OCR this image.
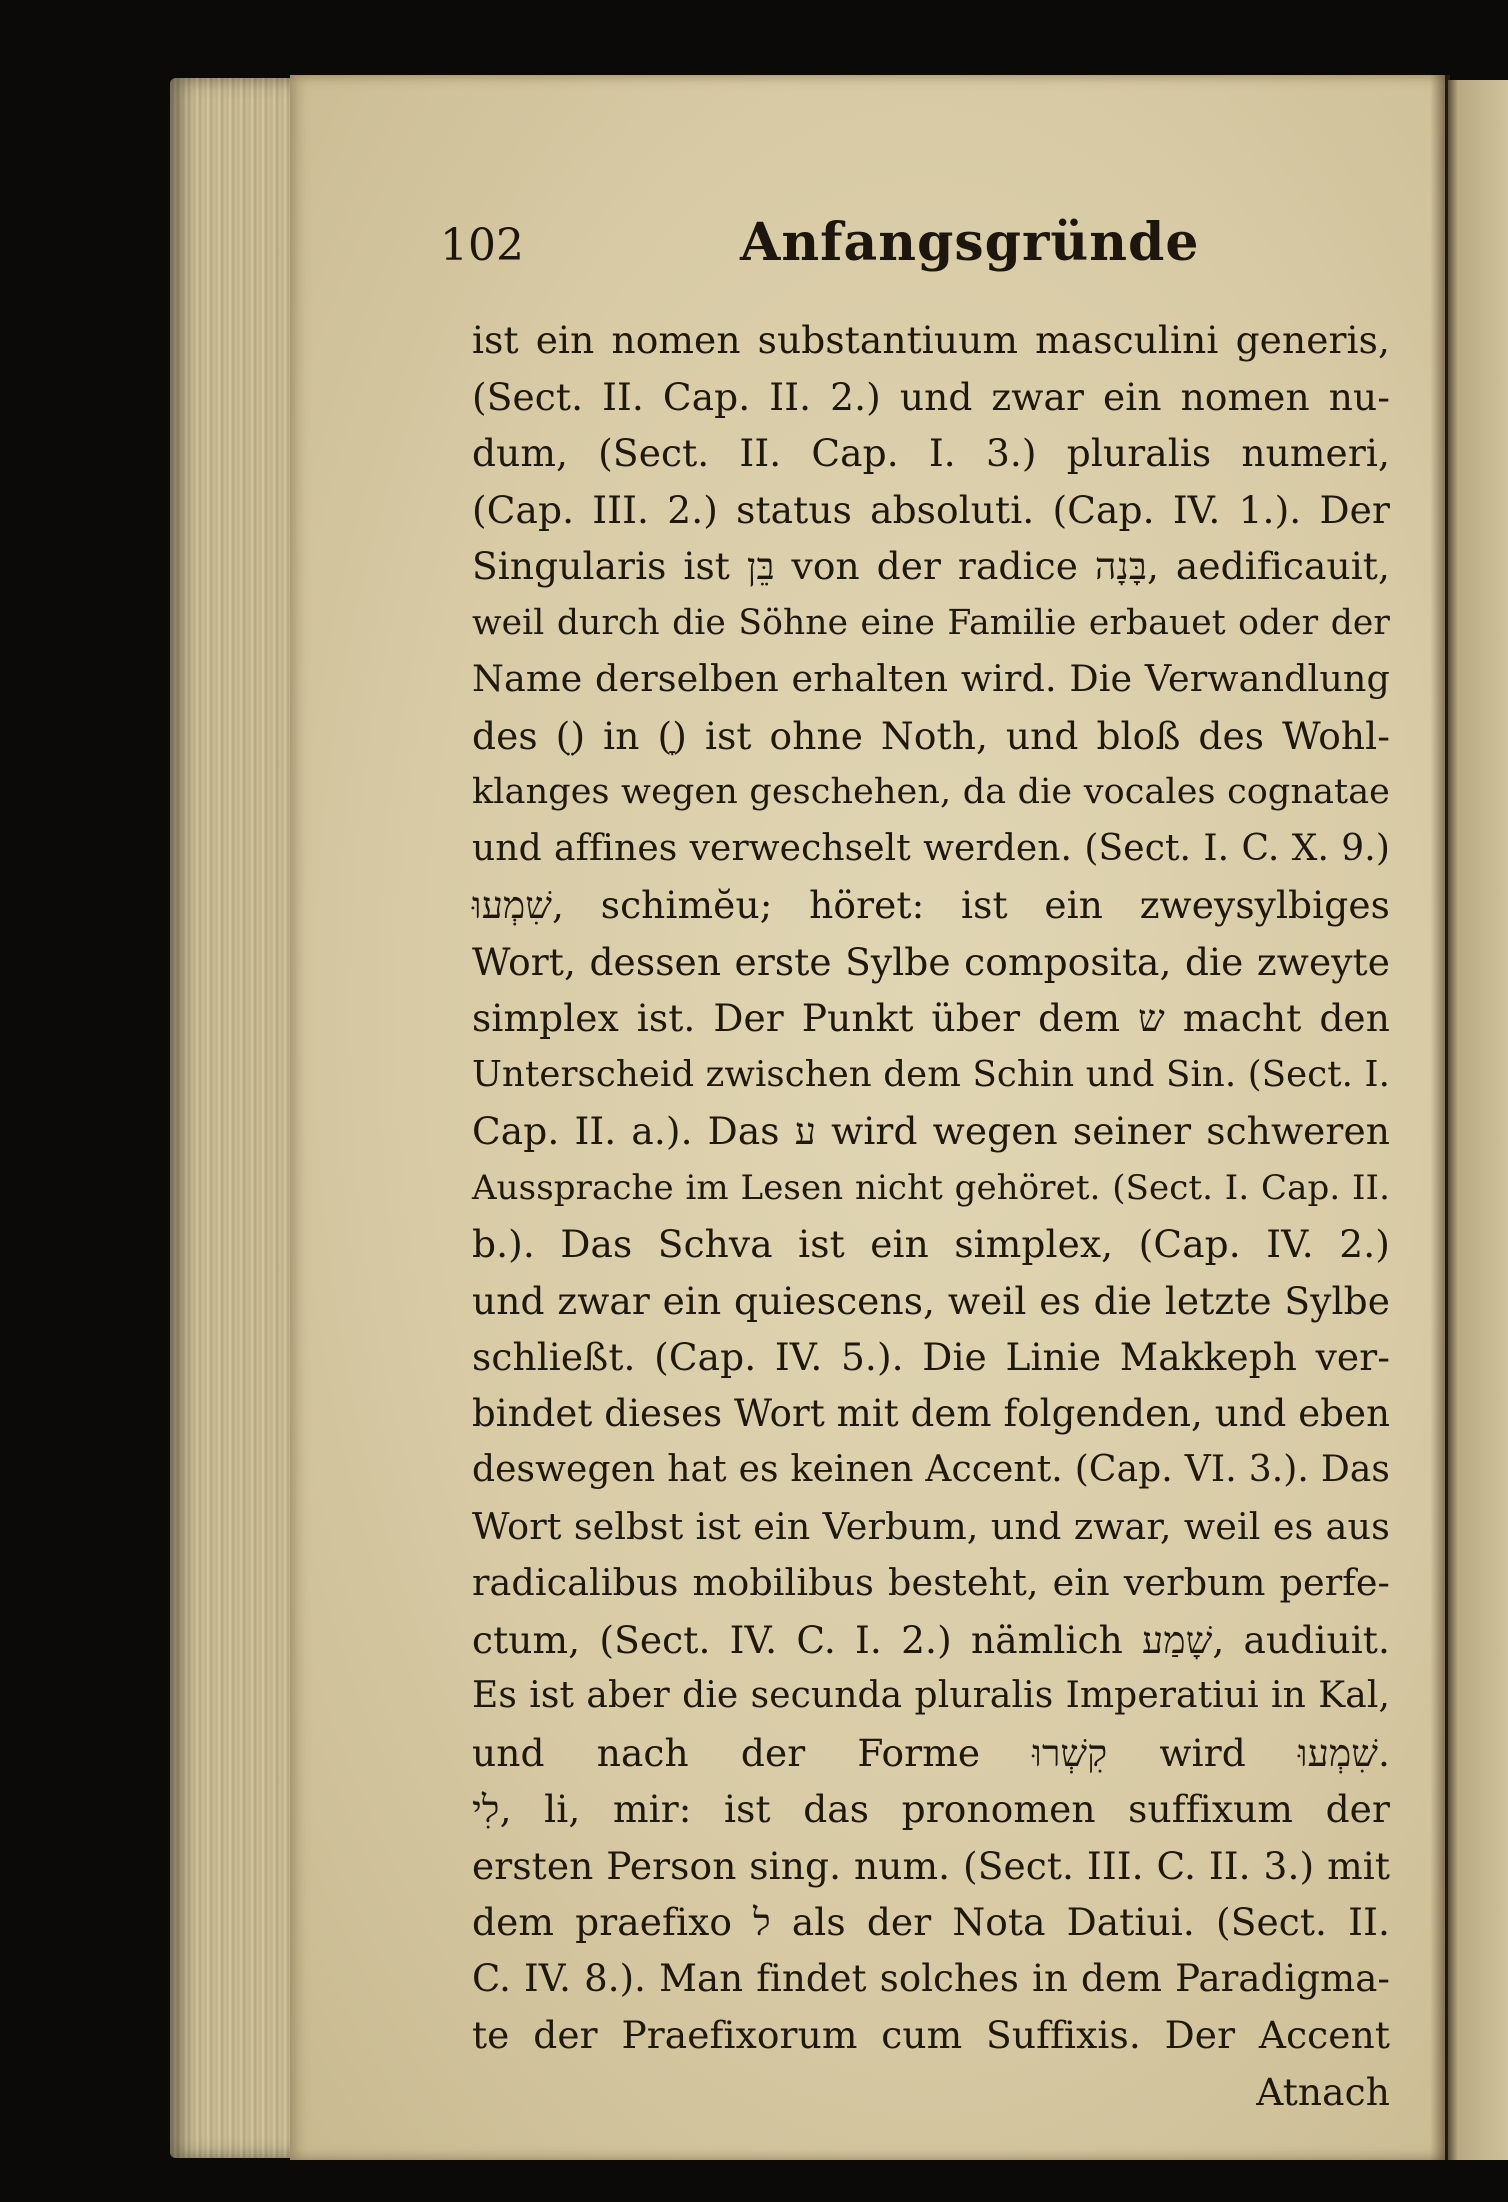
102	Anfangsgründe
ist ein nomen substantiuum masculini generis,
(Sect. II. Cap. II. 2.) und zwar ein nomen nu-
dum, (Sect. II. Cap. I. 3.) pluralis numeri,
(Cap. III. 2.) status absoluti. (Cap. IV. 1.). Der
Singularis ist בֵּן von der radice בָּנָה, aedificauit,
weil durch die Söhne eine Familie erbauet oder der
Name derselben erhalten wird. Die Verwandlung
des (ֵ) in (ָ) ist ohne Noth, und bloß des Wohl-
klanges wegen geschehen, da die vocales cognatae
und affines verwechselt werden. (Sect. I. C. X. 9.)
שִׁמְעוּ, schimĕu; höret: ist ein zweysylbiges
Wort, dessen erste Sylbe composita, die zweyte
simplex ist. Der Punkt über dem ש macht den
Unterscheid zwischen dem Schin und Sin. (Sect. I.
Cap. II. a.). Das ע wird wegen seiner schweren
Aussprache im Lesen nicht gehöret. (Sect. I. Cap. II.
b.). Das Schva ist ein simplex, (Cap. IV. 2.)
und zwar ein quiescens, weil es die letzte Sylbe
schließt. (Cap. IV. 5.). Die Linie Makkeph ver-
bindet dieses Wort mit dem folgenden, und eben
deswegen hat es keinen Accent. (Cap. VI. 3.). Das
Wort selbst ist ein Verbum, und zwar, weil es aus
radicalibus mobilibus besteht, ein verbum perfe-
ctum, (Sect. IV. C. I. 2.) nämlich שָׁמַע, audiuit.
Es ist aber die secunda pluralis Imperatiui in Kal,
und nach der Forme קִשְׁרוּ wird שִׁמְעוּ.
לִי, li, mir: ist das pronomen suffixum der
ersten Person sing. num. (Sect. III. C. II. 3.) mit
dem praefixo ל als der Nota Datiui. (Sect. II.
C. IV. 8.). Man findet solches in dem Paradigma-
te der Praefixorum cum Suffixis. Der Accent
Atnach
